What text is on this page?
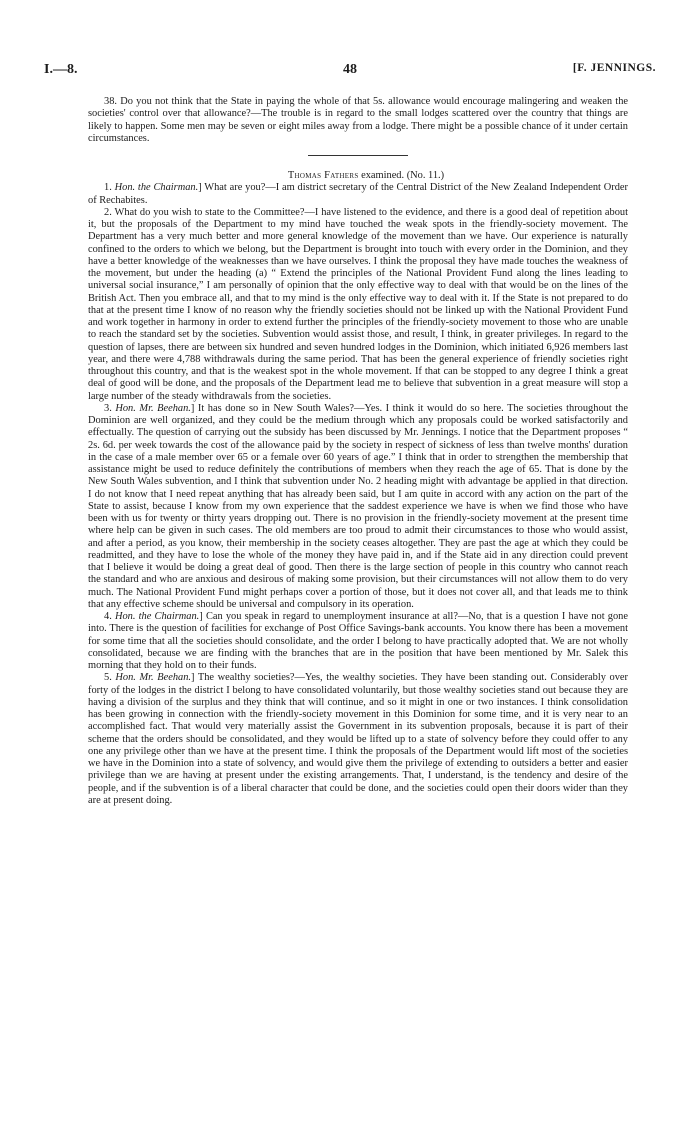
I.—8.	48	[F. JENNINGS.

38. Do you not think that the State in paying the whole of that 5s. allowance would encourage malingering and weaken the societies' control over that allowance?—The trouble is in regard to the small lodges scattered over the country that things are likely to happen. Some men may be seven or eight miles away from a lodge. There might be a possible chance of it under certain circumstances.

Thomas Fathers examined. (No. 11.)

1. Hon. the Chairman.] What are you?—I am district secretary of the Central District of the New Zealand Independent Order of Rechabites.

2. What do you wish to state to the Committee?—I have listened to the evidence, and there is a good deal of repetition about it, but the proposals of the Department to my mind have touched the weak spots in the friendly-society movement. The Department has a very much better and more general knowledge of the movement than we have. Our experience is naturally confined to the orders to which we belong, but the Department is brought into touch with every order in the Dominion, and they have a better knowledge of the weaknesses than we have ourselves. I think the proposal they have made touches the weakness of the movement, but under the heading (a) “ Extend the principles of the National Provident Fund along the lines leading to universal social insurance,” I am personally of opinion that the only effective way to deal with that would be on the lines of the British Act. Then you embrace all, and that to my mind is the only effective way to deal with it. If the State is not prepared to do that at the present time I know of no reason why the friendly societies should not be linked up with the National Provident Fund and work together in harmony in order to extend further the principles of the friendly-society movement to those who are unable to reach the standard set by the societies. Subvention would assist those, and result, I think, in greater privileges. In regard to the question of lapses, there are between six hundred and seven hundred lodges in the Dominion, which initiated 6,926 members last year, and there were 4,788 withdrawals during the same period. That has been the general experience of friendly societies right throughout this country, and that is the weakest spot in the whole movement. If that can be stopped to any degree I think a great deal of good will be done, and the proposals of the Department lead me to believe that subvention in a great measure will stop a large number of the steady withdrawals from the societies.

3. Hon. Mr. Beehan.] It has done so in New South Wales?—Yes. I think it would do so here. The societies throughout the Dominion are well organized, and they could be the medium through which any proposals could be worked satisfactorily and effectually. The question of carrying out the subsidy has been discussed by Mr. Jennings. I notice that the Department proposes “ 2s. 6d. per week towards the cost of the allowance paid by the society in respect of sickness of less than twelve months' duration in the case of a male member over 65 or a female over 60 years of age.” I think that in order to strengthen the membership that assistance might be used to reduce definitely the contributions of members when they reach the age of 65. That is done by the New South Wales subvention, and I think that subvention under No. 2 heading might with advantage be applied in that direction. I do not know that I need repeat anything that has already been said, but I am quite in accord with any action on the part of the State to assist, because I know from my own experience that the saddest experience we have is when we find those who have been with us for twenty or thirty years dropping out. There is no provision in the friendly-society movement at the present time where help can be given in such cases. The old members are too proud to admit their circumstances to those who would assist, and after a period, as you know, their membership in the society ceases altogether. They are past the age at which they could be readmitted, and they have to lose the whole of the money they have paid in, and if the State aid in any direction could prevent that I believe it would be doing a great deal of good. Then there is the large section of people in this country who cannot reach the standard and who are anxious and desirous of making some provision, but their circumstances will not allow them to do very much. The National Provident Fund might perhaps cover a portion of those, but it does not cover all, and that leads me to think that any effective scheme should be universal and compulsory in its operation.

4. Hon. the Chairman.] Can you speak in regard to unemployment insurance at all?—No, that is a question I have not gone into. There is the question of facilities for exchange of Post Office Savings-bank accounts. You know there has been a movement for some time that all the societies should consolidate, and the order I belong to have practically adopted that. We are not wholly consolidated, because we are finding with the branches that are in the position that have been mentioned by Mr. Salek this morning that they hold on to their funds.

5. Hon. Mr. Beehan.] The wealthy societies?—Yes, the wealthy societies. They have been standing out. Considerably over forty of the lodges in the district I belong to have consolidated voluntarily, but those wealthy societies stand out because they are having a division of the surplus and they think that will continue, and so it might in one or two instances. I think consolidation has been growing in connection with the friendly-society movement in this Dominion for some time, and it is very near to an accomplished fact. That would very materially assist the Government in its subvention proposals, because it is part of their scheme that the orders should be consolidated, and they would be lifted up to a state of solvency before they could offer to any one any privilege other than we have at the present time. I think the proposals of the Department would lift most of the societies we have in the Dominion into a state of solvency, and would give them the privilege of extending to outsiders a better and easier privilege than we are having at present under the existing arrangements. That, I understand, is the tendency and desire of the people, and if the subvention is of a liberal character that could be done, and the societies could open their doors wider than they are at present doing.
